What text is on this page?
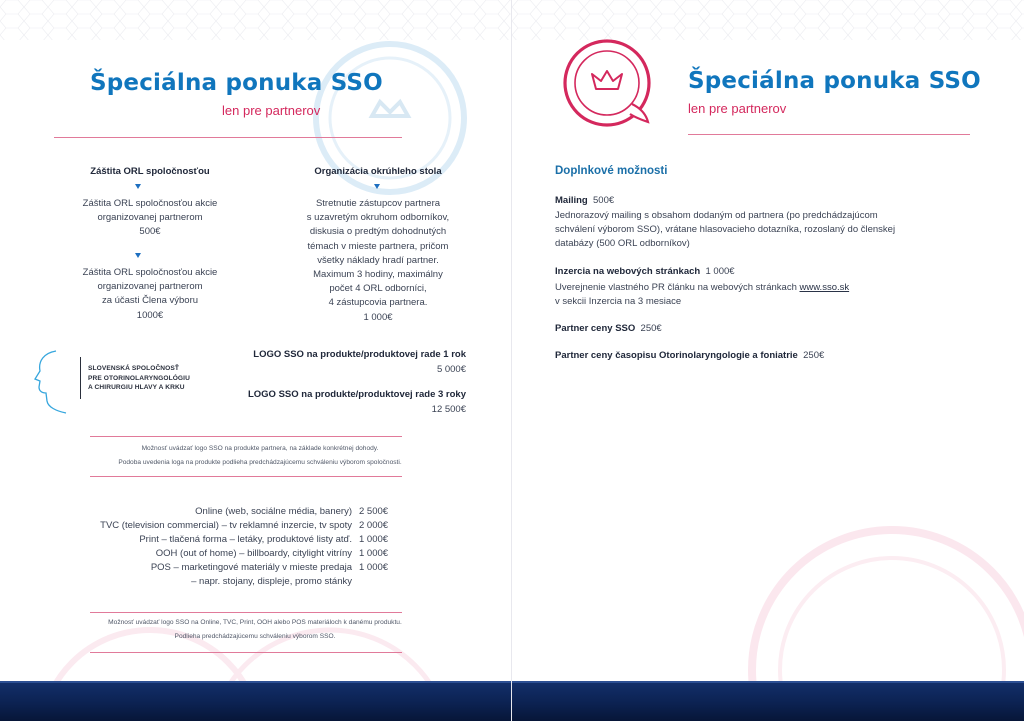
Špeciálna ponuka SSO
len pre partnerov
Záštita ORL spoločnosťou
Záštita ORL spoločnosťou akcie
organizovanej partnerom
500€
Záštita ORL spoločnosťou akcie
organizovanej partnerom
za účasti Člena výboru
1000€
Organizácia okrúhleho stola
Stretnutie zástupcov partnera
s uzavretým okruhom odborníkov,
diskusia o predtým dohodnutých
témach v mieste partnera, pričom
všetky náklady hradí partner.
Maximum 3 hodiny, maximálny
počet 4 ORL odborníci,
4 zástupcovia partnera.
1 000€
SLOVENSKÁ SPOLOČNOSŤ
PRE OTORINOLARYNGOLÓGIU
A CHIRURGIU HLAVY A KRKU
LOGO SSO na produkte/produktovej rade 1 rok
5 000€
LOGO SSO na produkte/produktovej rade 3 roky
12 500€
Možnosť uvádzať logo SSO na produkte partnera, na základe konkrétnej dohody.
Podoba uvedenia loga na produkte podlieha predchádzajúcemu schváleniu výborom spoločnosti.
Online (web, sociálne média, banery) 2 500€
TVC (television commercial) – tv reklamné inzercie, tv spoty 2 000€
Print – tlačená forma – letáky, produktové listy atď. 1 000€
OOH (out of home) – billboardy, citylight vitríny 1 000€
POS – marketingové materiály v mieste predaja 1 000€
– napr. stojany, displeje, promo stánky
Možnosť uvádzať logo SSO na Online, TVC, Print, OOH alebo POS materiáloch k danému produktu.
Podlieha predchádzajúcemu schváleniu výborom SSO.
Špeciálna ponuka SSO
len pre partnerov
Doplnkové možnosti
Mailing 500€
Jednorazový mailing s obsahom dodaným od partnera (po predchádzajúcom
schválení výborom SSO), vrátane hlasovacieho dotazníka, rozoslaný do členskej
databázy (500 ORL odborníkov)
Inzercia na webových stránkach 1 000€
Uverejnenie vlastného PR článku na webových stránkach www.sso.sk
v sekcii Inzercia na 3 mesiace
Partner ceny SSO 250€
Partner ceny časopisu Otorinolaryngologie a foniatrie 250€
